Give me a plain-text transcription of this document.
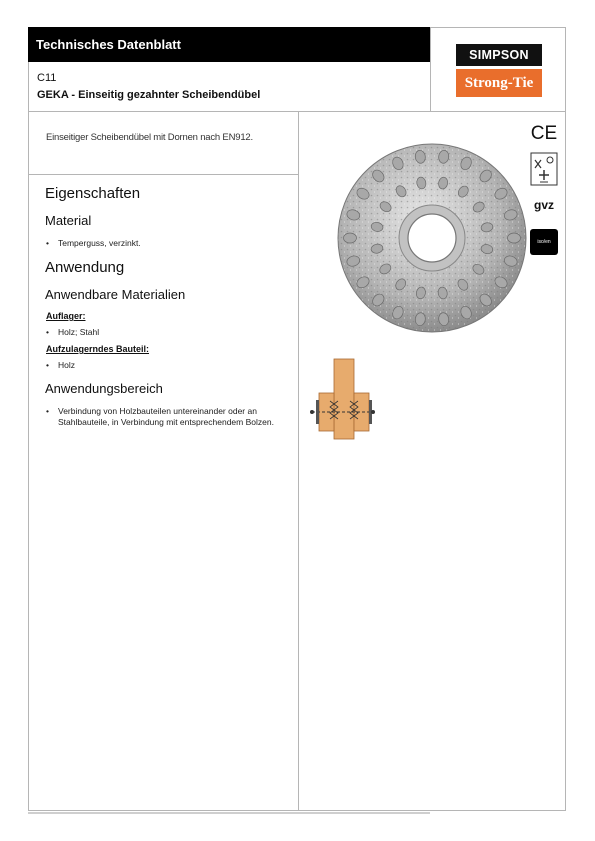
Technisches Datenblatt
SIMPSON
Strong-Tie
C11
GEKA - Einseitig gezahnter Scheibendübel
Einseitiger Scheibendübel mit Dornen nach EN912.
Eigenschaften
Material
• Temperguss, verzinkt.
Anwendung
Anwendbare Materialien
Auflager:
• Holz; Stahl
Aufzulagerndes Bauteil:
• Holz
Anwendungsbereich
• Verbindung von Holzbauteilen untereinander oder an Stahlbauteile, in Verbindung mit entsprechendem Bolzen.
CE
gvz
iso/en
